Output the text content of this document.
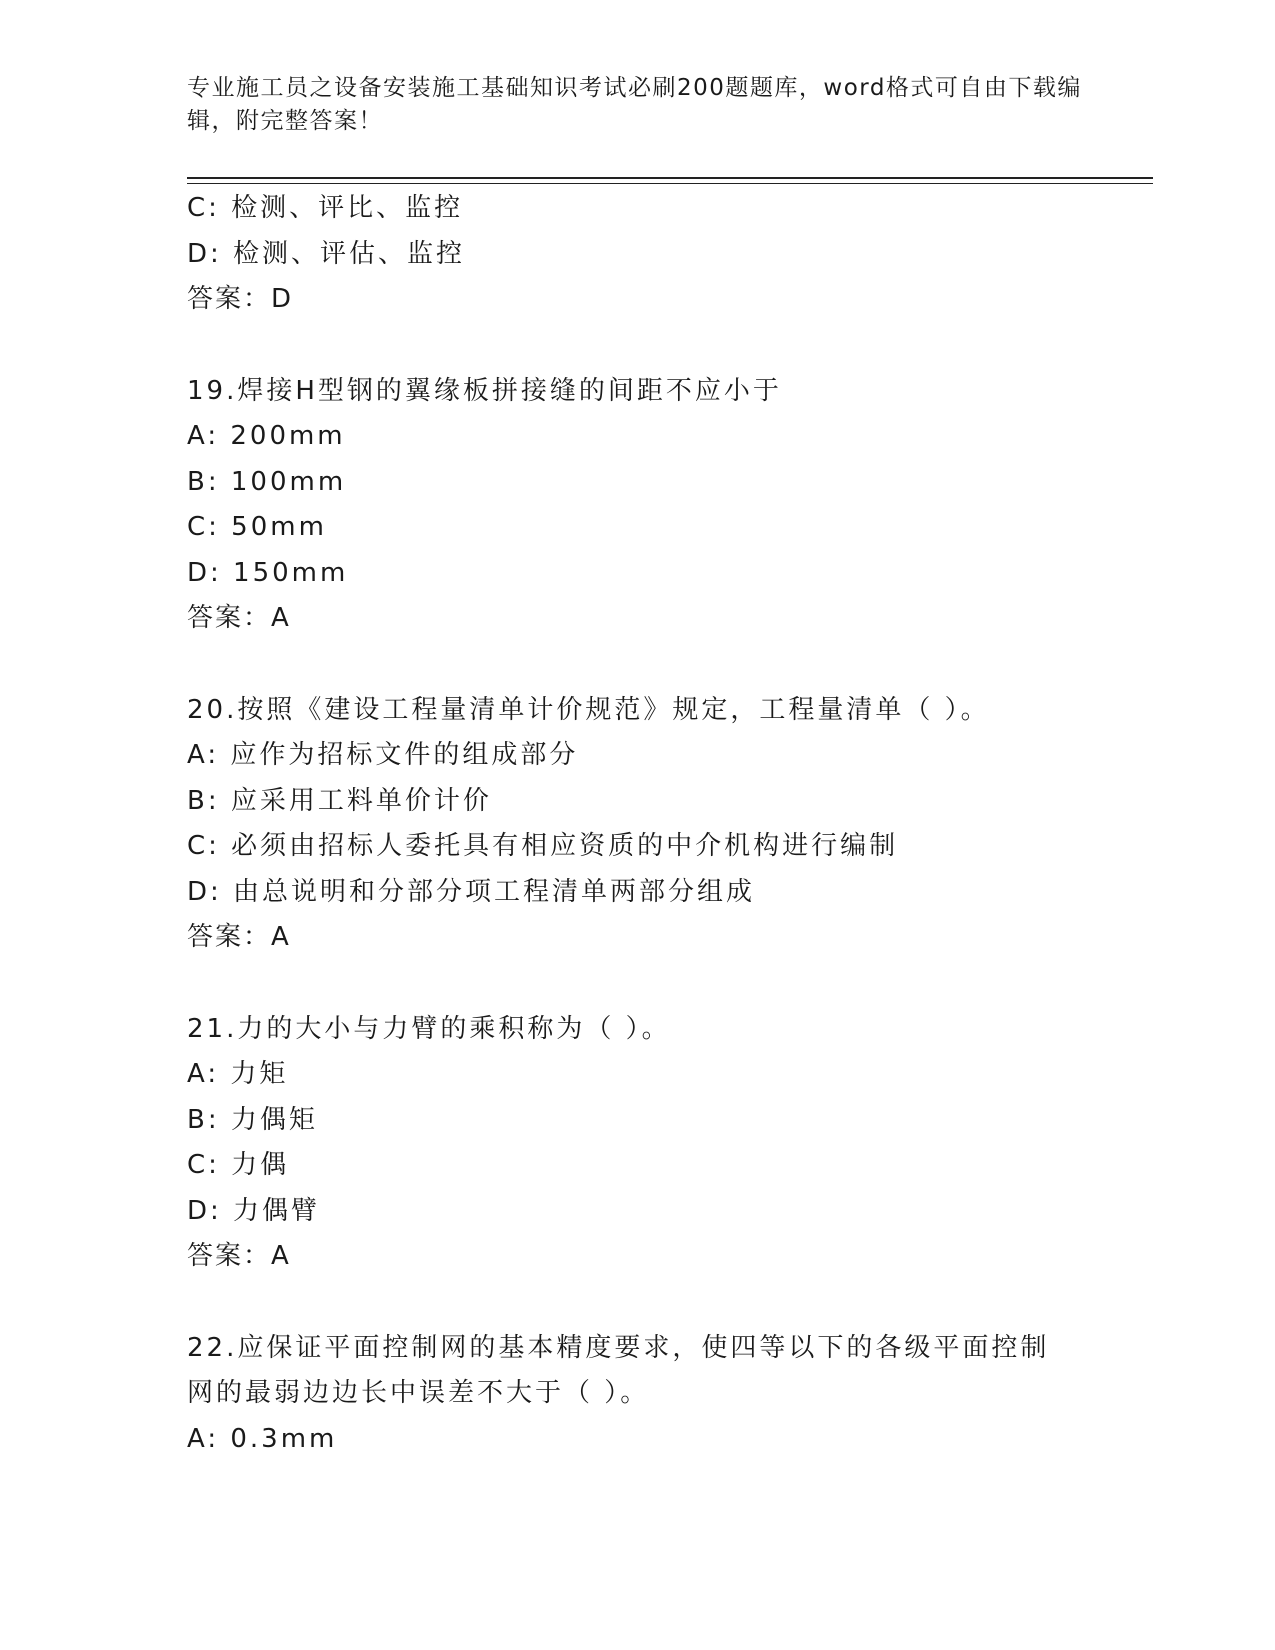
专业施工员之设备安装施工基础知识考试必刷200题题库，word格式可自由下载编辑，附完整答案！
C: 检测、评比、监控
D: 检测、评估、监控
答案：D
19.焊接H型钢的翼缘板拼接缝的间距不应小于
A: 200mm
B: 100mm
C: 50mm
D: 150mm
答案：A
20.按照《建设工程量清单计价规范》规定，工程量清单（ ）。
A: 应作为招标文件的组成部分
B: 应采用工料单价计价
C: 必须由招标人委托具有相应资质的中介机构进行编制
D: 由总说明和分部分项工程清单两部分组成
答案：A
21.力的大小与力臂的乘积称为（ ）。
A: 力矩
B: 力偶矩
C: 力偶
D: 力偶臂
答案：A
22.应保证平面控制网的基本精度要求，使四等以下的各级平面控制网的最弱边边长中误差不大于（ ）。
A: 0.3mm
